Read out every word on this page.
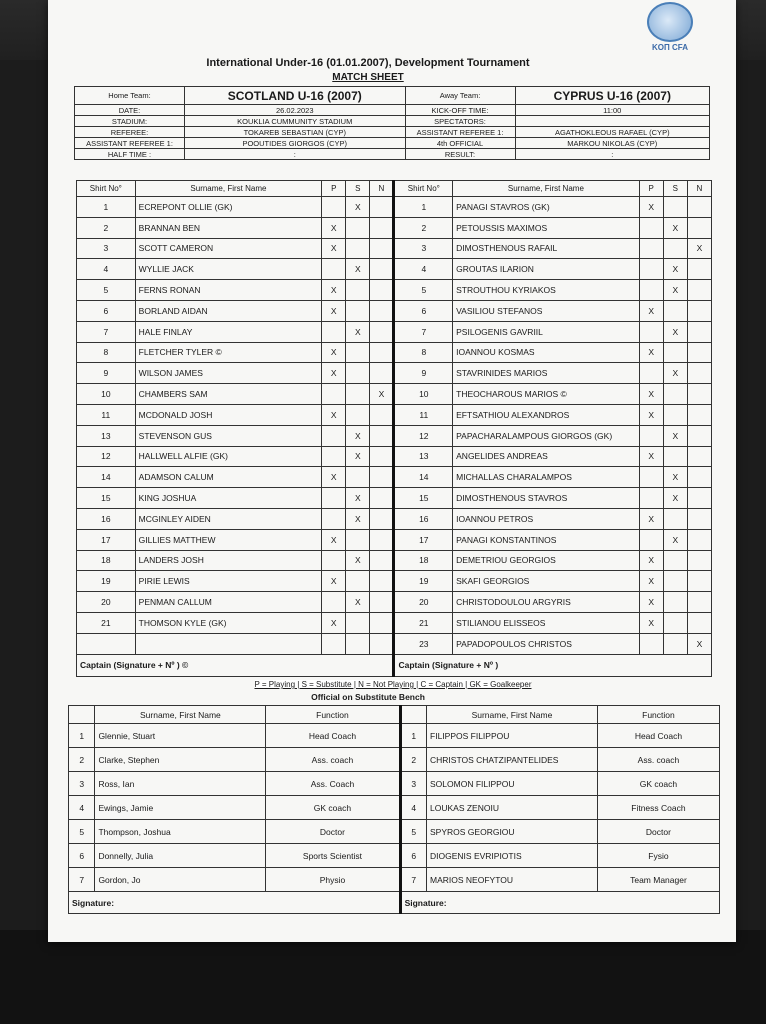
KOΠ CFA
International Under-16 (01.01.2007), Development Tournament
MATCH SHEET
Home Team:	SCOTLAND U-16 (2007)	Away Team:	CYPRUS U-16 (2007)
DATE:	26.02.2023	KICK-OFF TIME:	11:00
STADIUM:	KOUKLIA CUMMUNITY STADIUM	SPECTATORS:	
REFEREE:	TOKAREB SEBASTIAN (CYP)	ASSISTANT REFEREE 1:	AGATHOKLEOUS RAFAEL (CYP)
ASSISTANT REFEREE 1:	POOUTIDES GIORGOS (CYP)	4th OFFICIAL	MARKOU NIKOLAS (CYP)
HALF TIME :	:	RESULT:	:
Shirt No°	Surname, First Name	P	S	N	Shirt No°	Surname, First Name	P	S	N
1	ECREPONT OLLIE (GK)		X		1	PANAGI STAVROS (GK)	X		
2	BRANNAN BEN	X			2	PETOUSSIS MAXIMOS		X	
3	SCOTT CAMERON	X			3	DIMOSTHENOUS RAFAIL			X
4	WYLLIE JACK		X		4	GROUTAS ILARION		X	
5	FERNS RONAN	X			5	STROUTHOU KYRIAKOS		X	
6	BORLAND AIDAN	X			6	VASILIOU STEFANOS	X		
7	HALE FINLAY		X		7	PSILOGENIS GAVRIIL		X	
8	FLETCHER TYLER ©	X			8	IOANNOU KOSMAS	X		
9	WILSON JAMES	X			9	STAVRINIDES MARIOS		X	
10	CHAMBERS SAM			X	10	THEOCHAROUS MARIOS ©	X		
11	MCDONALD JOSH	X			11	EFTSATHIOU ALEXANDROS	X		
13	STEVENSON GUS		X		12	PAPACHARALAMPOUS GIORGOS (GK)		X	
12	HALLWELL ALFIE (GK)		X		13	ANGELIDES ANDREAS	X		
14	ADAMSON CALUM	X			14	MICHALLAS CHARALAMPOS		X	
15	KING JOSHUA		X		15	DIMOSTHENOUS STAVROS		X	
16	MCGINLEY AIDEN		X		16	IOANNOU PETROS	X		
17	GILLIES MATTHEW	X			17	PANAGI KONSTANTINOS		X	
18	LANDERS JOSH		X		18	DEMETRIOU GEORGIOS	X		
19	PIRIE LEWIS	X			19	SKAFI GEORGIOS	X		
20	PENMAN CALLUM		X		20	CHRISTODOULOU ARGYRIS	X		
21	THOMSON KYLE (GK)	X			21	STILIANOU ELISSEOS	X		
					23	PAPADOPOULOS CHRISTOS			X
Captain (Signature + Nº ) ©					Captain (Signature + Nº )				
P = Playing | S = Substitute | N = Not Playing | C = Captain | GK = Goalkeeper
Official on Substitute Bench
	Surname, First Name	Function		Surname, First Name	Function
1	Glennie, Stuart	Head Coach	1	FILIPPOS FILIPPOU	Head Coach
2	Clarke, Stephen	Ass. coach	2	CHRISTOS CHATZIPANTELIDES	Ass. coach
3	Ross, Ian	Ass. Coach	3	SOLOMON FILIPPOU	GK coach
4	Ewings, Jamie	GK coach	4	LOUKAS ZENOIU	Fitness Coach
5	Thompson, Joshua	Doctor	5	SPYROS GEORGIOU	Doctor
6	Donnelly, Julia	Sports Scientist	6	DIOGENIS EVRIPIOTIS	Fysio
7	Gordon, Jo	Physio	7	MARIOS NEOFYTOU	Team Manager
Signature:			Signature:		
